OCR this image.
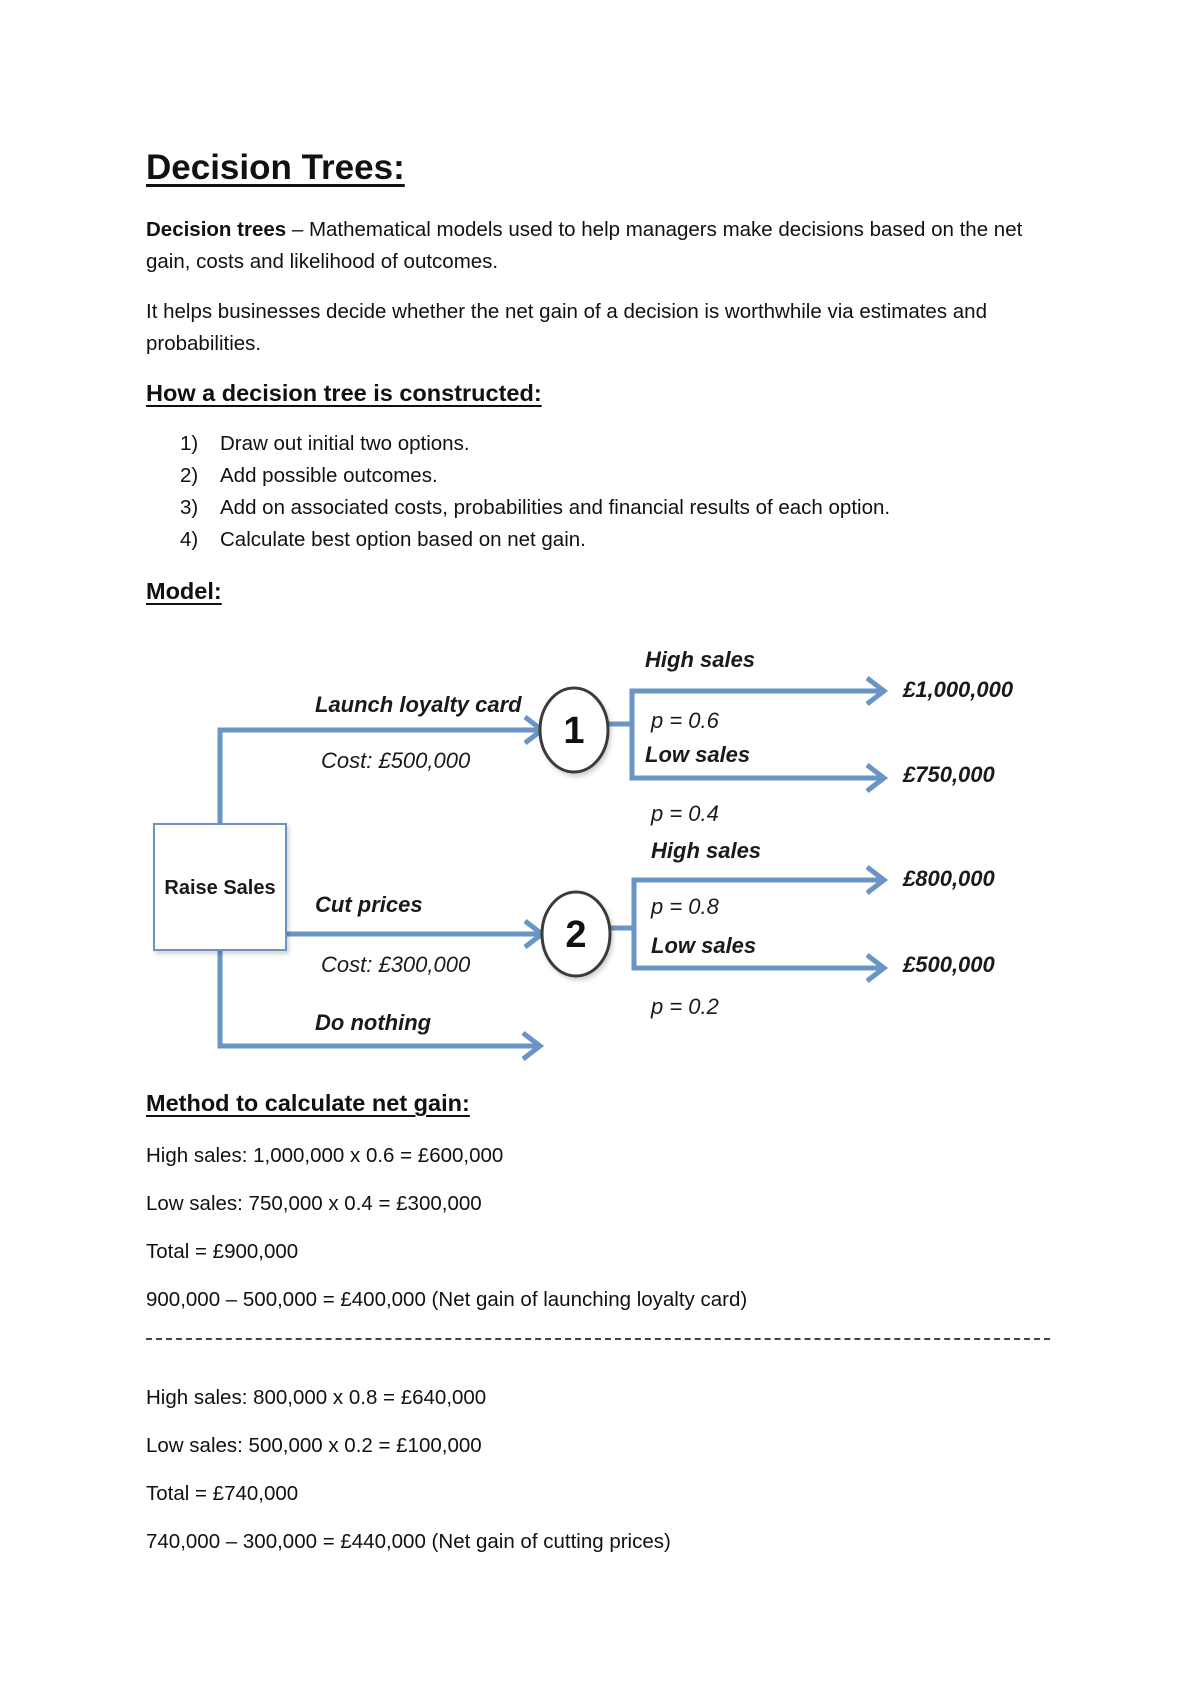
Decision Trees:

Decision trees – Mathematical models used to help managers make decisions based on the net gain, costs and likelihood of outcomes.

It helps businesses decide whether the net gain of a decision is worthwhile via estimates and probabilities.

How a decision tree is constructed:
1) Draw out initial two options.
2) Add possible outcomes.
3) Add on associated costs, probabilities and financial results of each option.
4) Calculate best option based on net gain.
Model:
Raise Sales
1
2
Launch loyalty card
Cost: £500,000
Cut prices
Cost: £300,000
Do nothing
High sales
p = 0.6
Low sales
p = 0.4
£1,000,000
£750,000
High sales
p = 0.8
Low sales
p = 0.2
£800,000
£500,000
Method to calculate net gain:

High sales: 1,000,000 x 0.6 = £600,000

Low sales: 750,000 x 0.4 = £300,000

Total = £900,000

900,000 – 500,000 = £400,000 (Net gain of launching loyalty card)

High sales: 800,000 x 0.8 = £640,000

Low sales: 500,000 x 0.2 = £100,000

Total = £740,000

740,000 – 300,000 = £440,000 (Net gain of cutting prices)
